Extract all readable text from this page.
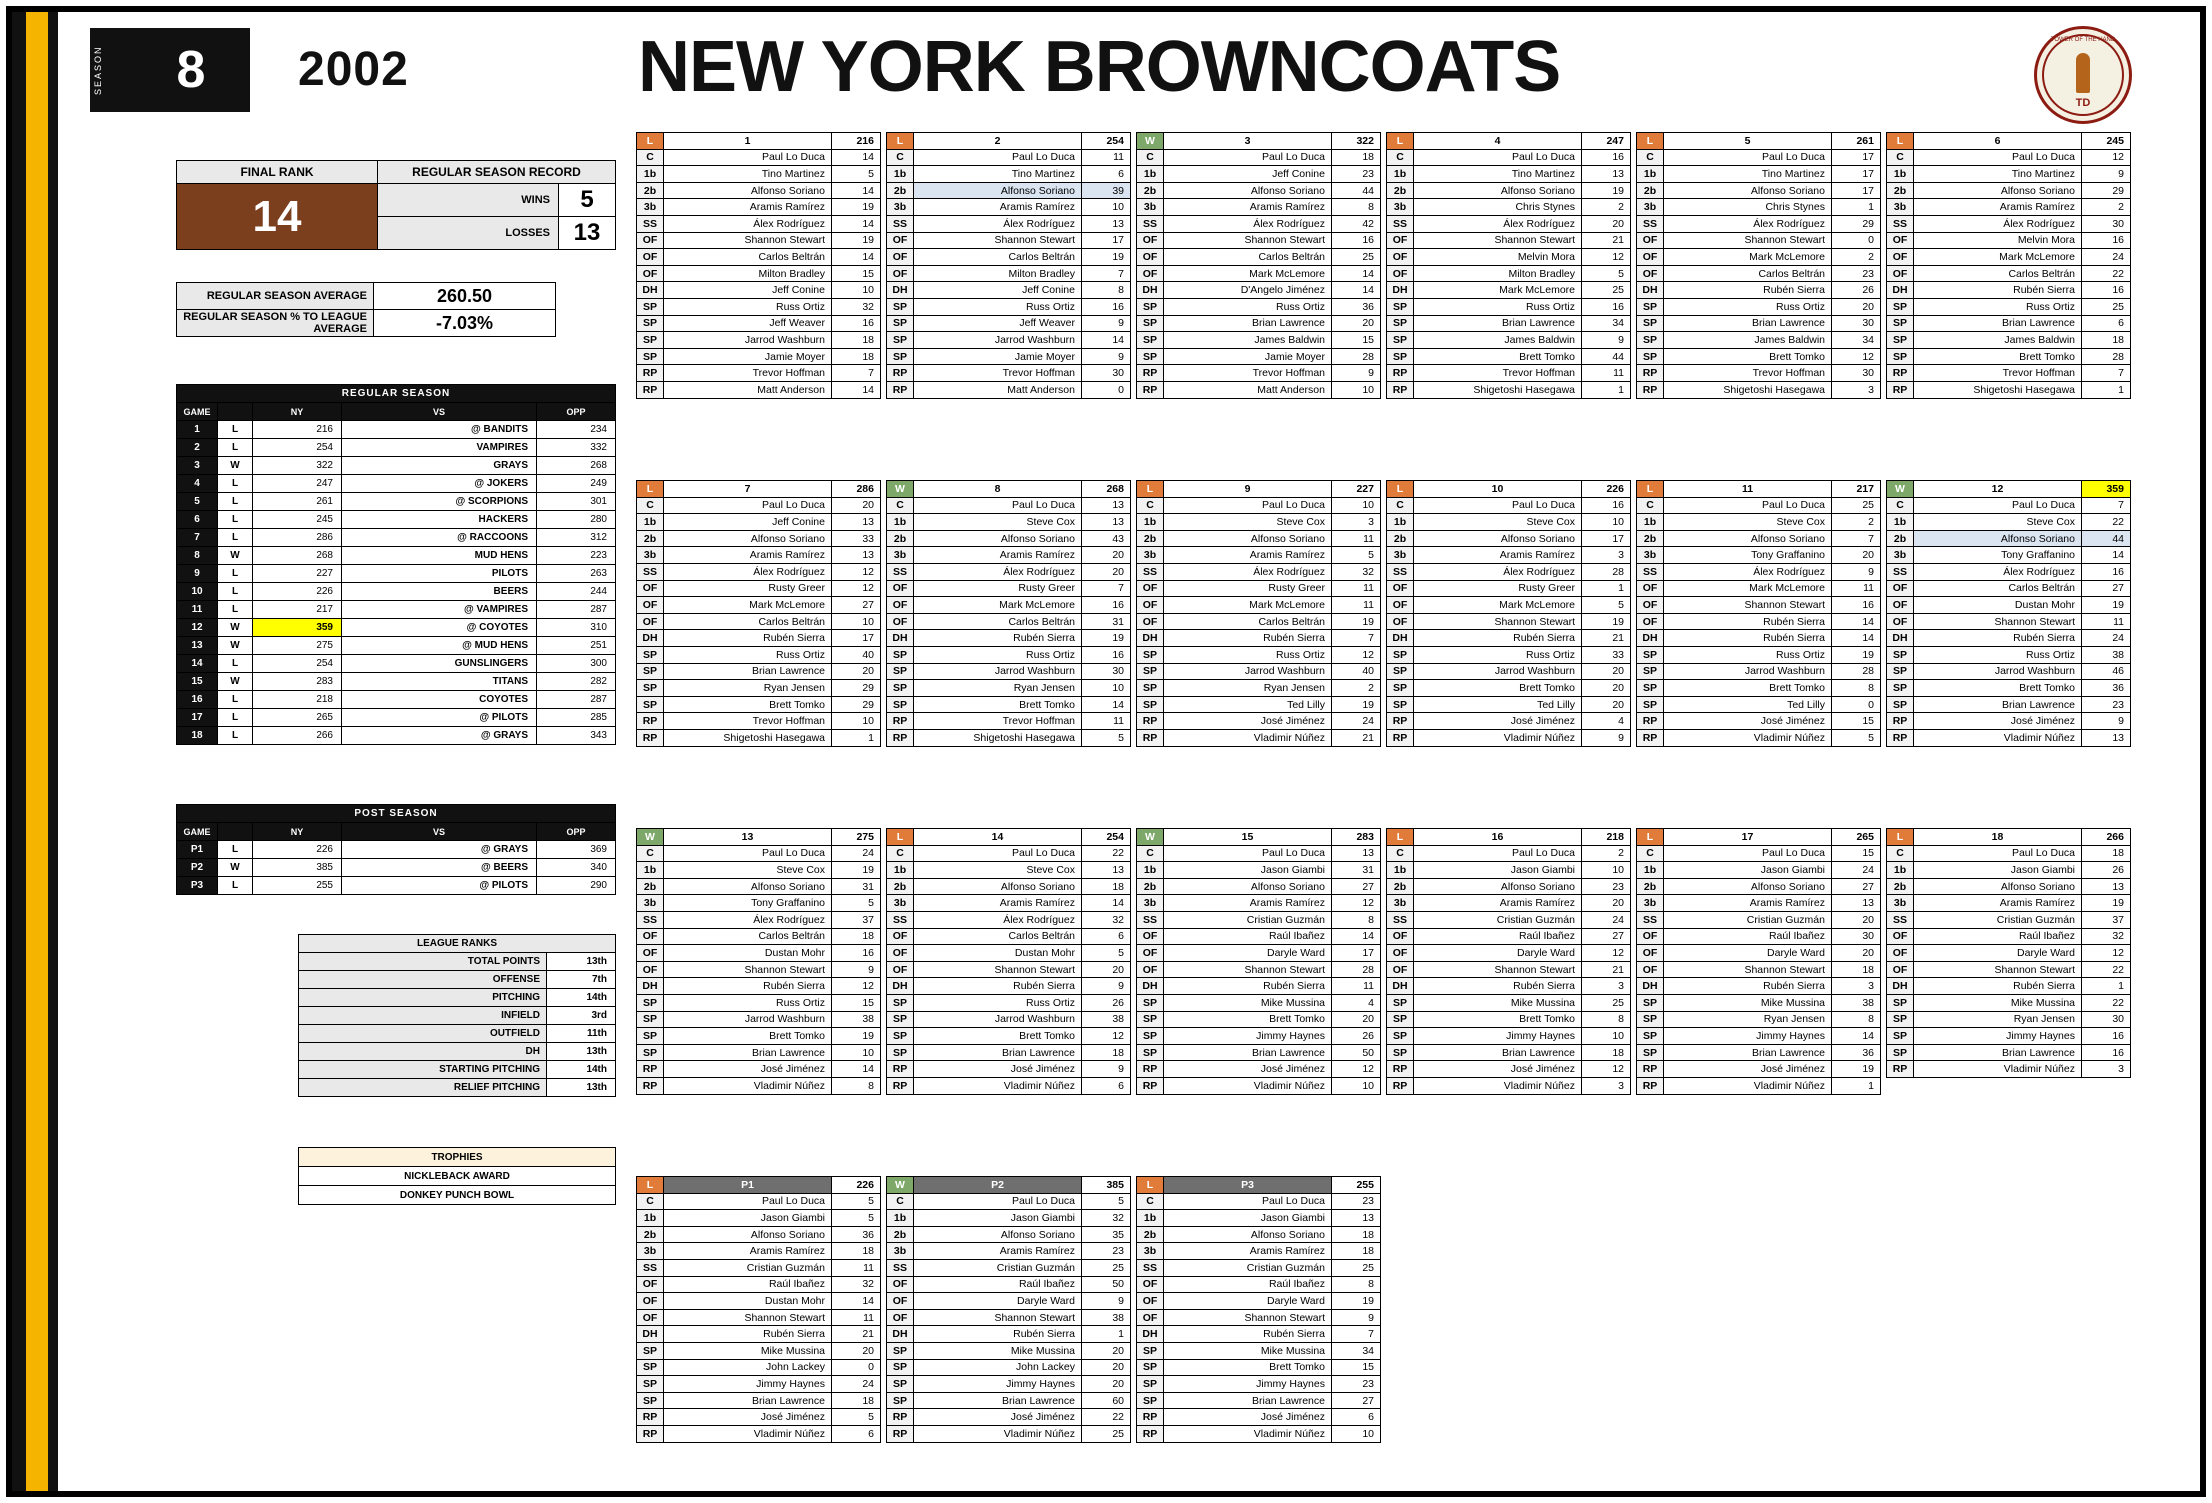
SEASON	8	2002	NEW YORK BROWNCOATS	TOWER OF THE HAND
TD
FINAL RANK	REGULAR SEASON RECORD	
14	WINS	5
	LOSSES	13
REGULAR SEASON AVERAGE	260.50
REGULAR SEASON % TO LEAGUE AVERAGE	-7.03%
REGULAR SEASON				
GAME		NY	VS	OPP
1	L	216	@ BANDITS	234
2	L	254	VAMPIRES	332
3	W	322	GRAYS	268
4	L	247	@ JOKERS	249
5	L	261	@ SCORPIONS	301
6	L	245	HACKERS	280
7	L	286	@ RACCOONS	312
8	W	268	MUD HENS	223
9	L	227	PILOTS	263
10	L	226	BEERS	244
11	L	217	@ VAMPIRES	287
12	W	359	@ COYOTES	310
13	W	275	@ MUD HENS	251
14	L	254	GUNSLINGERS	300
15	W	283	TITANS	282
16	L	218	COYOTES	287
17	L	265	@ PILOTS	285
18	L	266	@ GRAYS	343
POST SEASON				
GAME		NY	VS	OPP
P1	L	226	@ GRAYS	369
P2	W	385	@ BEERS	340
P3	L	255	@ PILOTS	290
LEAGUE RANKS	
TOTAL POINTS	13th
OFFENSE	7th
PITCHING	14th
INFIELD	3rd
OUTFIELD	11th
DH	13th
STARTING PITCHING	14th
RELIEF PITCHING	13th
TROPHIES
NICKLEBACK AWARD
DONKEY PUNCH BOWL
L	1	216
C	Paul Lo Duca	14
1b	Tino Martinez	5
2b	Alfonso Soriano	14
3b	Aramis Ramírez	19
SS	Álex Rodríguez	14
OF	Shannon Stewart	19
OF	Carlos Beltrán	14
OF	Milton Bradley	15
DH	Jeff Conine	10
SP	Russ Ortiz	32
SP	Jeff Weaver	16
SP	Jarrod Washburn	18
SP	Jamie Moyer	18
RP	Trevor Hoffman	7
RP	Matt Anderson	14
L	2	254
C	Paul Lo Duca	11
1b	Tino Martinez	6
2b	Alfonso Soriano	39
3b	Aramis Ramírez	10
SS	Álex Rodríguez	13
OF	Shannon Stewart	17
OF	Carlos Beltrán	19
OF	Milton Bradley	7
DH	Jeff Conine	8
SP	Russ Ortiz	16
SP	Jeff Weaver	9
SP	Jarrod Washburn	14
SP	Jamie Moyer	9
RP	Trevor Hoffman	30
RP	Matt Anderson	0
W	3	322
C	Paul Lo Duca	18
1b	Jeff Conine	23
2b	Alfonso Soriano	44
3b	Aramis Ramírez	8
SS	Álex Rodríguez	42
OF	Shannon Stewart	16
OF	Carlos Beltrán	25
OF	Mark McLemore	14
DH	D'Angelo Jiménez	14
SP	Russ Ortiz	36
SP	Brian Lawrence	20
SP	James Baldwin	15
SP	Jamie Moyer	28
RP	Trevor Hoffman	9
RP	Matt Anderson	10
L	4	247
C	Paul Lo Duca	16
1b	Tino Martinez	13
2b	Alfonso Soriano	19
3b	Chris Stynes	2
SS	Álex Rodríguez	20
OF	Shannon Stewart	21
OF	Melvin Mora	12
OF	Milton Bradley	5
DH	Mark McLemore	25
SP	Russ Ortiz	16
SP	Brian Lawrence	34
SP	James Baldwin	9
SP	Brett Tomko	44
RP	Trevor Hoffman	11
RP	Shigetoshi Hasegawa	1
L	5	261
C	Paul Lo Duca	17
1b	Tino Martinez	17
2b	Alfonso Soriano	17
3b	Chris Stynes	1
SS	Álex Rodríguez	29
OF	Shannon Stewart	0
OF	Mark McLemore	2
OF	Carlos Beltrán	23
DH	Rubén Sierra	26
SP	Russ Ortiz	20
SP	Brian Lawrence	30
SP	James Baldwin	34
SP	Brett Tomko	12
RP	Trevor Hoffman	30
RP	Shigetoshi Hasegawa	3
L	6	245
C	Paul Lo Duca	12
1b	Tino Martinez	9
2b	Alfonso Soriano	29
3b	Aramis Ramírez	2
SS	Álex Rodríguez	30
OF	Melvin Mora	16
OF	Mark McLemore	24
OF	Carlos Beltrán	22
DH	Rubén Sierra	16
SP	Russ Ortiz	25
SP	Brian Lawrence	6
SP	James Baldwin	18
SP	Brett Tomko	28
RP	Trevor Hoffman	7
RP	Shigetoshi Hasegawa	1
L	7	286
C	Paul Lo Duca	20
1b	Jeff Conine	13
2b	Alfonso Soriano	33
3b	Aramis Ramírez	13
SS	Álex Rodríguez	12
OF	Rusty Greer	12
OF	Mark McLemore	27
OF	Carlos Beltrán	10
DH	Rubén Sierra	17
SP	Russ Ortiz	40
SP	Brian Lawrence	20
SP	Ryan Jensen	29
SP	Brett Tomko	29
RP	Trevor Hoffman	10
RP	Shigetoshi Hasegawa	1
W	8	268
C	Paul Lo Duca	13
1b	Steve Cox	13
2b	Alfonso Soriano	43
3b	Aramis Ramírez	20
SS	Álex Rodríguez	20
OF	Rusty Greer	7
OF	Mark McLemore	16
OF	Carlos Beltrán	31
DH	Rubén Sierra	19
SP	Russ Ortiz	16
SP	Jarrod Washburn	30
SP	Ryan Jensen	10
SP	Brett Tomko	14
RP	Trevor Hoffman	11
RP	Shigetoshi Hasegawa	5
L	9	227
C	Paul Lo Duca	10
1b	Steve Cox	3
2b	Alfonso Soriano	11
3b	Aramis Ramírez	5
SS	Álex Rodríguez	32
OF	Rusty Greer	11
OF	Mark McLemore	11
OF	Carlos Beltrán	19
DH	Rubén Sierra	7
SP	Russ Ortiz	12
SP	Jarrod Washburn	40
SP	Ryan Jensen	2
SP	Ted Lilly	19
RP	José Jiménez	24
RP	Vladimir Núñez	21
L	10	226
C	Paul Lo Duca	16
1b	Steve Cox	10
2b	Alfonso Soriano	17
3b	Aramis Ramírez	3
SS	Álex Rodríguez	28
OF	Rusty Greer	1
OF	Mark McLemore	5
OF	Shannon Stewart	19
DH	Rubén Sierra	21
SP	Russ Ortiz	33
SP	Jarrod Washburn	20
SP	Brett Tomko	20
SP	Ted Lilly	20
RP	José Jiménez	4
RP	Vladimir Núñez	9
L	11	217
C	Paul Lo Duca	25
1b	Steve Cox	2
2b	Alfonso Soriano	7
3b	Tony Graffanino	20
SS	Álex Rodríguez	9
OF	Mark McLemore	11
OF	Shannon Stewart	16
OF	Rubén Sierra	14
DH	Rubén Sierra	14
SP	Russ Ortiz	19
SP	Jarrod Washburn	28
SP	Brett Tomko	8
SP	Ted Lilly	0
RP	José Jiménez	15
RP	Vladimir Núñez	5
W	12	359
C	Paul Lo Duca	7
1b	Steve Cox	22
2b	Alfonso Soriano	44
3b	Tony Graffanino	14
SS	Álex Rodríguez	16
OF	Carlos Beltrán	27
OF	Dustan Mohr	19
OF	Shannon Stewart	11
DH	Rubén Sierra	24
SP	Russ Ortiz	38
SP	Jarrod Washburn	46
SP	Brett Tomko	36
SP	Brian Lawrence	23
RP	José Jiménez	9
RP	Vladimir Núñez	13
W	13	275
C	Paul Lo Duca	24
1b	Steve Cox	19
2b	Alfonso Soriano	31
3b	Tony Graffanino	5
SS	Álex Rodríguez	37
OF	Carlos Beltrán	18
OF	Dustan Mohr	16
OF	Shannon Stewart	9
DH	Rubén Sierra	12
SP	Russ Ortiz	15
SP	Jarrod Washburn	38
SP	Brett Tomko	19
SP	Brian Lawrence	10
RP	José Jiménez	14
RP	Vladimir Núñez	8
L	14	254
C	Paul Lo Duca	22
1b	Steve Cox	13
2b	Alfonso Soriano	18
3b	Aramis Ramírez	14
SS	Álex Rodríguez	32
OF	Carlos Beltrán	6
OF	Dustan Mohr	5
OF	Shannon Stewart	20
DH	Rubén Sierra	9
SP	Russ Ortiz	26
SP	Jarrod Washburn	38
SP	Brett Tomko	12
SP	Brian Lawrence	18
RP	José Jiménez	9
RP	Vladimir Núñez	6
W	15	283
C	Paul Lo Duca	13
1b	Jason Giambi	31
2b	Alfonso Soriano	27
3b	Aramis Ramírez	12
SS	Cristian Guzmán	8
OF	Raúl Ibañez	14
OF	Daryle Ward	17
OF	Shannon Stewart	28
DH	Rubén Sierra	11
SP	Mike Mussina	4
SP	Brett Tomko	20
SP	Jimmy Haynes	26
SP	Brian Lawrence	50
RP	José Jiménez	12
RP	Vladimir Núñez	10
L	16	218
C	Paul Lo Duca	2
1b	Jason Giambi	10
2b	Alfonso Soriano	23
3b	Aramis Ramírez	20
SS	Cristian Guzmán	24
OF	Raúl Ibañez	27
OF	Daryle Ward	12
OF	Shannon Stewart	21
DH	Rubén Sierra	3
SP	Mike Mussina	25
SP	Brett Tomko	8
SP	Jimmy Haynes	10
SP	Brian Lawrence	18
RP	José Jiménez	12
RP	Vladimir Núñez	3
L	17	265
C	Paul Lo Duca	15
1b	Jason Giambi	24
2b	Alfonso Soriano	27
3b	Aramis Ramírez	13
SS	Cristian Guzmán	20
OF	Raúl Ibañez	30
OF	Daryle Ward	20
OF	Shannon Stewart	18
DH	Rubén Sierra	3
SP	Mike Mussina	38
SP	Ryan Jensen	8
SP	Jimmy Haynes	14
SP	Brian Lawrence	36
RP	José Jiménez	19
RP	Vladimir Núñez	1
L	18	266
C	Paul Lo Duca	18
1b	Jason Giambi	26
2b	Alfonso Soriano	13
3b	Aramis Ramírez	19
SS	Cristian Guzmán	37
OF	Raúl Ibañez	32
OF	Daryle Ward	12
OF	Shannon Stewart	22
DH	Rubén Sierra	1
SP	Mike Mussina	22
SP	Ryan Jensen	30
SP	Jimmy Haynes	16
SP	Brian Lawrence	16
RP	Vladimir Núñez	3
L	P1	226
C	Paul Lo Duca	5
1b	Jason Giambi	5
2b	Alfonso Soriano	36
3b	Aramis Ramírez	18
SS	Cristian Guzmán	11
OF	Raúl Ibañez	32
OF	Dustan Mohr	14
OF	Shannon Stewart	11
DH	Rubén Sierra	21
SP	Mike Mussina	20
SP	John Lackey	0
SP	Jimmy Haynes	24
SP	Brian Lawrence	18
RP	José Jiménez	5
RP	Vladimir Núñez	6
W	P2	385
C	Paul Lo Duca	5
1b	Jason Giambi	32
2b	Alfonso Soriano	35
3b	Aramis Ramírez	23
SS	Cristian Guzmán	25
OF	Raúl Ibañez	50
OF	Daryle Ward	9
OF	Shannon Stewart	38
DH	Rubén Sierra	1
SP	Mike Mussina	20
SP	John Lackey	20
SP	Jimmy Haynes	20
SP	Brian Lawrence	60
RP	José Jiménez	22
RP	Vladimir Núñez	25
L	P3	255
C	Paul Lo Duca	23
1b	Jason Giambi	13
2b	Alfonso Soriano	18
3b	Aramis Ramírez	18
SS	Cristian Guzmán	25
OF	Raúl Ibañez	8
OF	Daryle Ward	19
OF	Shannon Stewart	9
DH	Rubén Sierra	7
SP	Mike Mussina	34
SP	Brett Tomko	15
SP	Jimmy Haynes	23
SP	Brian Lawrence	27
RP	José Jiménez	6
RP	Vladimir Núñez	10
